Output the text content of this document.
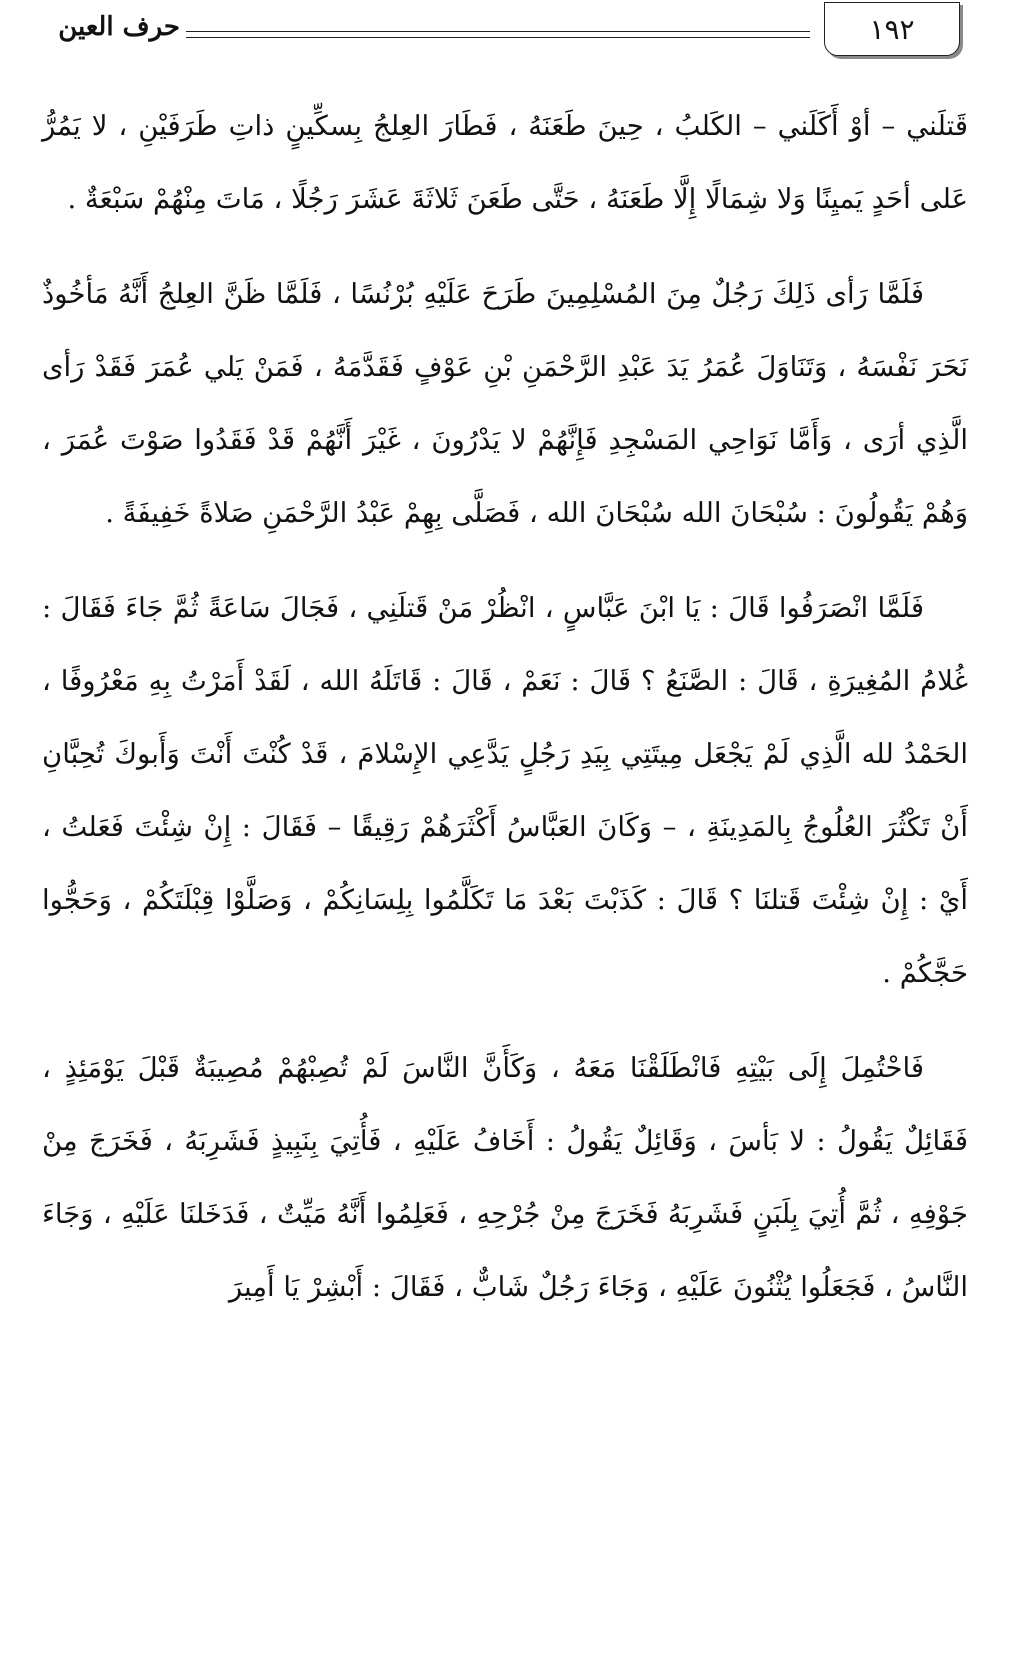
١٩٢
حرف العين

قَتلَني – أوْ أَكَلَني – الكَلبُ ، حِينَ طَعَنَهُ ، فَطَارَ العِلجُ بِسكِّينٍ ذاتِ طَرَفَيْنِ ، لا يَمُرُّ عَلى أحَدٍ يَميِنًا وَلا شِمَالًا إِلَّا طَعَنَهُ ، حَتَّى طَعَنَ ثَلاثَةَ عَشَرَ رَجُلًا ، مَاتَ مِنْهُمْ سَبْعَةٌ .

فَلَمَّا رَأى ذَلِكَ رَجُلٌ مِنَ المُسْلِمِينَ طَرَحَ عَلَيْهِ بُرْنُسًا ، فَلَمَّا ظَنَّ العِلجُ أَنَّهُ مَأخُوذٌ نَحَرَ نَفْسَهُ ، وَتَنَاوَلَ عُمَرُ يَدَ عَبْدِ الرَّحْمَنِ بْنِ عَوْفٍ فَقَدَّمَهُ ، فَمَنْ يَلي عُمَرَ فَقَدْ رَأى الَّذِي أرَى ، وَأَمَّا نَوَاحِي المَسْجِدِ فَإِنَّهُمْ لا يَدْرُونَ ، غَيْرَ أَنَّهُمْ قَدْ فَقَدُوا صَوْتَ عُمَرَ ، وَهُمْ يَقُولُونَ : سُبْحَانَ الله سُبْحَانَ الله ، فَصَلَّى بِهِمْ عَبْدُ الرَّحْمَنِ صَلاةً خَفِيفَةً .

فَلَمَّا انْصَرَفُوا قَالَ : يَا ابْنَ عَبَّاسٍ ، انْظُرْ مَنْ قَتلَنِي ، فَجَالَ سَاعَةً ثُمَّ جَاءَ فَقَالَ : غُلامُ المُغِيرَةِ ، قَالَ : الصَّنَعُ ؟ قَالَ : نَعَمْ ، قَالَ : قَاتَلَهُ الله ، لَقَدْ أَمَرْتُ بِهِ مَعْرُوفًا ، الحَمْدُ لله الَّذِي لَمْ يَجْعَل مِيتَتِي بِيَدِ رَجُلٍ يَدَّعِي الإِسْلامَ ، قَدْ كُنْتَ أَنْتَ وَأَبوكَ تُحِبَّانِ أَنْ تَكْثُرَ العُلُوجُ بِالمَدِينَةِ ، – وَكَانَ العَبَّاسُ أَكْثَرَهُمْ رَقِيقًا – فَقَالَ : إِنْ شِئْتَ فَعَلتُ ، أَيْ : إِنْ شِئْتَ قَتلنَا ؟ قَالَ : كَذَبْتَ بَعْدَ مَا تَكَلَّمُوا بِلِسَانِكُمْ ، وَصَلَّوْا قِبْلَتَكُمْ ، وَحَجُّوا حَجَّكُمْ .

فَاحْتُمِلَ إِلَى بَيْتِهِ فَانْطَلَقْنَا مَعَهُ ، وَكَأَنَّ النَّاسَ لَمْ تُصِبْهُمْ مُصِيبَةٌ قَبْلَ يَوْمَئِذٍ ، فَقَائِلٌ يَقُولُ : لا بَأسَ ، وَقَائِلٌ يَقُولُ : أَخَافُ عَلَيْهِ ، فَأُتِيَ بِنَبِيذٍ فَشَرِبَهُ ، فَخَرَجَ مِنْ جَوْفِهِ ، ثُمَّ أُتِيَ بِلَبَنٍ فَشَرِبَهُ فَخَرَجَ مِنْ جُرْحِهِ ، فَعَلِمُوا أَنَّهُ مَيِّتٌ ، فَدَخَلنَا عَلَيْهِ ، وَجَاءَ النَّاسُ ، فَجَعَلُوا يُثْنُونَ عَلَيْهِ ، وَجَاءَ رَجُلٌ شَابٌّ ، فَقَالَ : أَبْشِرْ يَا أَمِيرَ
